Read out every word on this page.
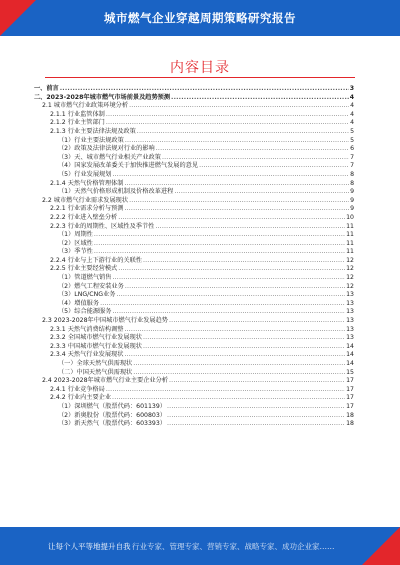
城市燃气企业穿越周期策略研究报告
内容目录
一、前言 .....	3
二、2023-2028年城市燃气市场前景及趋势预测 .....	4
2.1 城市燃气行业政策环境分析 .....	4
2.1.1 行业监管体制 .....	4
2.1.2 行业主管部门 .....	4
2.1.3 行业主要法律法规及政策 .....	5
（1）行业主要法规政策 .....	5
（2）政策及法律法规对行业的影响 .....	6
（3）天、城市燃气行业相关产业政策 .....	7
（4）国家发展改革委关于加快推进燃气发展的意见 .....	7
（5）行业发展规划 .....	8
2.1.4 天然气价格管理体制 .....	8
（1）天然气价格形成机制及价格改革进程 .....	9
2.2 城市燃气行业需求发展现状 .....	9
2.2.1 行业需求分析与预测 .....	9
2.2.2 行业进入壁垒分析 .....	10
2.2.3 行业的周期性、区域性及季节性 .....	11
（1）周期性 .....	11
（2）区域性 .....	11
（3）季节性 .....	11
2.2.4 行业与上下游行业的关联性 .....	12
2.2.5 行业主要经营模式 .....	12
（1）管道燃气销售 .....	12
（2）燃气工程安装业务 .....	12
（3）LNG/CNG业务 .....	13
（4）增值服务 .....	13
（5）综合能源服务 .....	13
2.3 2023-2028年中国城市燃气行业发展趋势 .....	13
2.3.1 天然气消费结构调整 .....	13
2.3.2 全国城市燃气行业发展现状 .....	13
2.3.3 中国城市燃气行业发展现状 .....	14
2.3.4 天然气行业发展现状 .....	14
（一）全球天然气供需现状 .....	14
（二）中国天然气供需现状 .....	15
2.4 2023-2028年城市燃气行业主要企业分析 .....	17
2.4.1 行业竞争格局 .....	17
2.4.2 行业内主要企业 .....	17
（1）深圳燃气（股票代码：601139） .....	17
（2）新奥股份（股票代码：600803） .....	18
（3）新天然气（股票代码：603393） .....	18
让每个人平等地提升自我 行业专家、管理专家、营销专家、战略专家、成功企业家……
